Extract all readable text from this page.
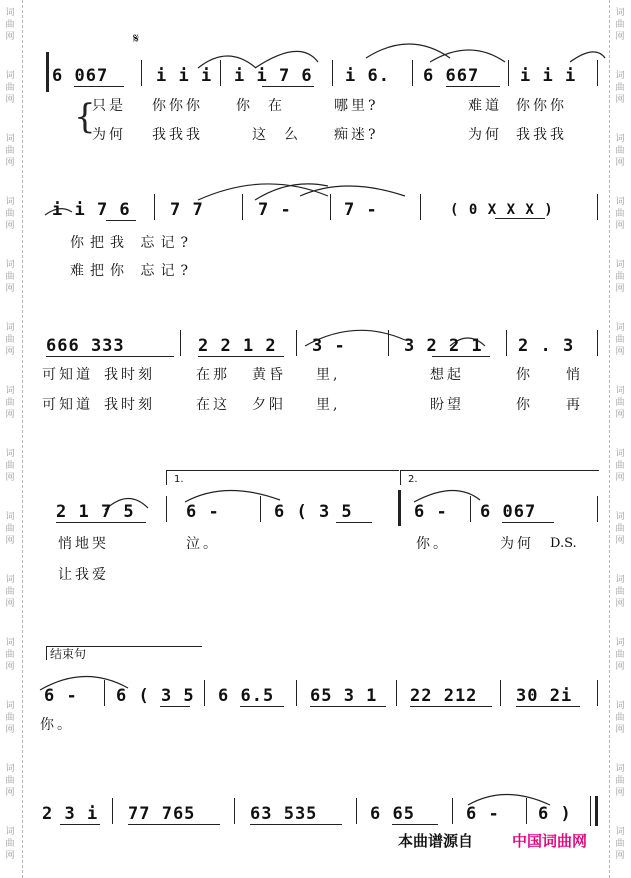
词
曲
网
词
曲
网
词
曲
网
词
曲
网
词
曲
网
词
曲
网
词
曲
网
词
曲
网
词
曲
网
词
曲
网
词
曲
网
词
曲
网
词
曲
网
词
曲
网
词
曲
网
词
曲
网
词
曲
网
词
曲
网
词
曲
网
词
曲
网
词
曲
网
词
曲
网
词
曲
网
词
曲
网
词
曲
网
词
曲
网
词
曲
网
词
曲
网
𝄋
6 067	i i i i i 7 6 i 6. 6 667 i i i
{
只是 你你你 你在 哪里?	难道 你你你
为何 我我我	这么 痴迷?	为何 我我我
i i 7 6 7 7	7 -	7 -	( 0 X X X )
你把我 忘记?
难把你 忘记?
666 333	2 2 1 2 3 -	3 2 2 1 2 . 3
可知道 我时刻	在那 黄昏 里,	想起	你 悄
可知道 我时刻	在这 夕阳 里,	盼望	你 再
1.	2.
2 1 7 5	6 -	6 ( 3 5	6 - 6 067
悄地哭	泣。	你。	为何 D.S.
让我爱
结束句
6 - 6 ( 3 5 6 6.5 65 3 1 22 212 30 2i
你。
2 3 i 77 765	63 535	6 65	6 - 6 )
本曲谱源自	中国词曲网
